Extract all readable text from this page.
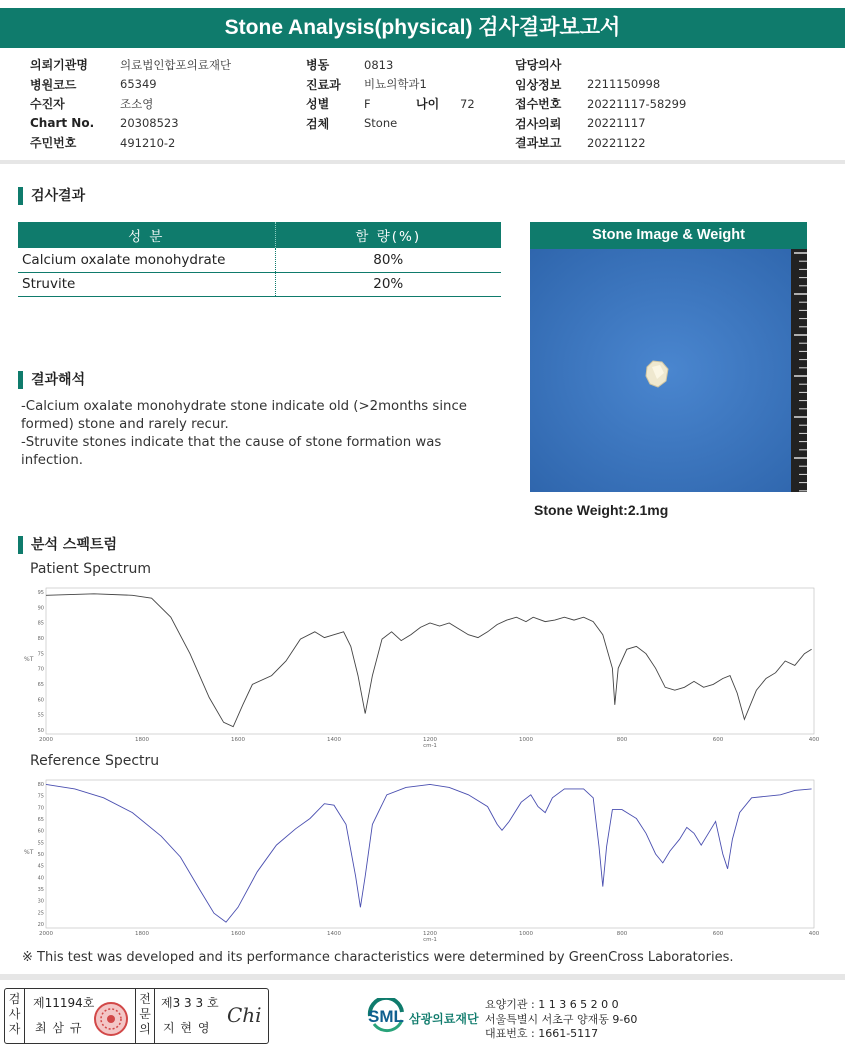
Stone Analysis(physical) 검사결과보고서
의뢰기관명	의료법인합포의료재단
병원코드	65349
수진자	조소영
Chart No.	20308523
주민번호	491210-2
병동	0813
진료과	비뇨의학과1
성별	F	나이	72
검체	Stone
담당의사
임상정보	2211150998
접수번호	20221117-58299
검사의뢰	20221117
결과보고	20221122
검사결과
성 분	함 량(%)
Calcium oxalate monohydrate	80%
Struvite	20%
Stone Image & Weight
Stone Weight:2.1mg
결과해석
-Calcium oxalate monohydrate stone indicate old (>2months since formed) stone and rarely recur.
-Struvite stones indicate that the cause of stone formation was infection.
분석 스펙트럼
Patient Spectrum
95
90
85
80
75
70
65
60
55
50
%T
2000	1800	1600	1400	1200	1000	800	600	400
cm-1
Reference Spectru
80
75
70
65
60
55
50
45
40
35
30
25
20
%T
2000	1800	1600	1400	1200	1000	800	600	400
cm-1
※ This test was developed and its performance characteristics were determined by GreenCross Laboratories.
검사자
제11194호
최 삼 규
전문의
제3 3 3 호
지 현 영
Chi	SML 삼광의료재단
요양기관 : 1 1 3 6 5 2 0 0
서울특별시 서초구 양재동 9-60
대표번호 : 1661-5117
